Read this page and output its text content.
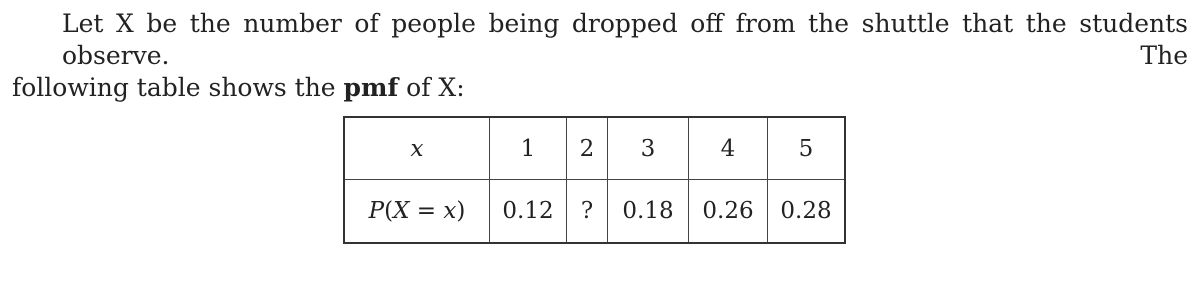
Let X be the number of people being dropped off from the shuttle that the students observe. The
following table shows the pmf of X:
x	1	2	3	4	5
P(X = x)	0.12	?	0.18	0.26	0.28
